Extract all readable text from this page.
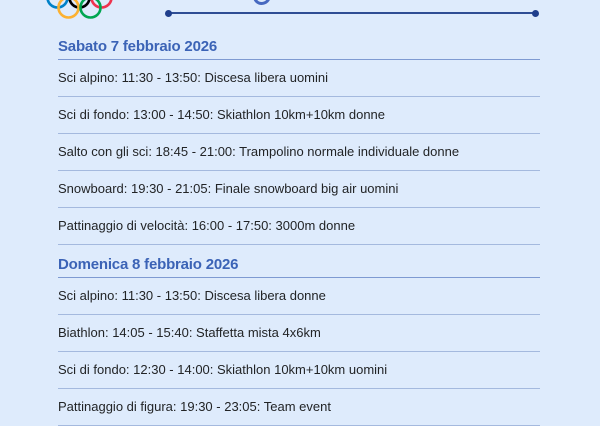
Sabato 7 febbraio 2026
Sci alpino: 11:30 - 13:50: Discesa libera uomini
Sci di fondo: 13:00 - 14:50: Skiathlon 10km+10km donne
Salto con gli sci: 18:45 - 21:00: Trampolino normale individuale donne
Snowboard: 19:30 - 21:05: Finale snowboard big air uomini
Pattinaggio di velocità: 16:00 - 17:50: 3000m donne
Domenica 8 febbraio 2026
Sci alpino: 11:30 - 13:50: Discesa libera donne
Biathlon: 14:05 - 15:40: Staffetta mista 4x6km
Sci di fondo: 12:30 - 14:00: Skiathlon 10km+10km uomini
Pattinaggio di figura: 19:30 - 23:05: Team event
